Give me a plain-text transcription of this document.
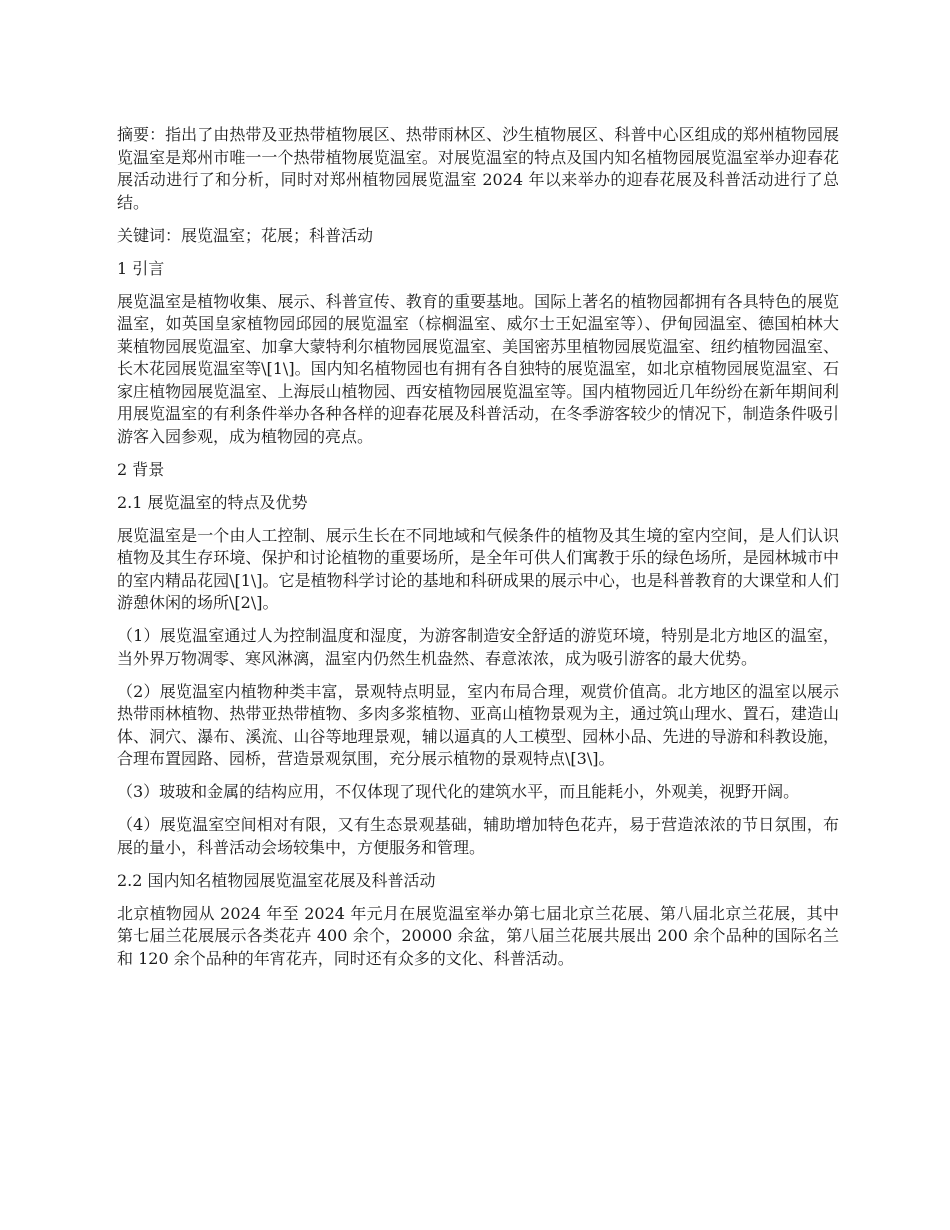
摘要：指出了由热带及亚热带植物展区、热带雨林区、沙生植物展区、科普中心区组成的郑州植物园展览温室是郑州市唯一一个热带植物展览温室。对展览温室的特点及国内知名植物园展览温室举办迎春花展活动进行了和分析，同时对郑州植物园展览温室 2024 年以来举办的迎春花展及科普活动进行了总结。

关键词：展览温室；花展；科普活动

1 引言

展览温室是植物收集、展示、科普宣传、教育的重要基地。国际上著名的植物园都拥有各具特色的展览温室，如英国皇家植物园邱园的展览温室（棕榈温室、威尔士王妃温室等）、伊甸园温室、德国柏林大莱植物园展览温室、加拿大蒙特利尔植物园展览温室、美国密苏里植物园展览温室、纽约植物园温室、长木花园展览温室等\[1\]。国内知名植物园也有拥有各自独特的展览温室，如北京植物园展览温室、石家庄植物园展览温室、上海辰山植物园、西安植物园展览温室等。国内植物园近几年纷纷在新年期间利用展览温室的有利条件举办各种各样的迎春花展及科普活动，在冬季游客较少的情况下，制造条件吸引游客入园参观，成为植物园的亮点。

2 背景

2.1 展览温室的特点及优势

展览温室是一个由人工控制、展示生长在不同地域和气候条件的植物及其生境的室内空间，是人们认识植物及其生存环境、保护和讨论植物的重要场所，是全年可供人们寓教于乐的绿色场所，是园林城市中的室内精品花园\[1\]。它是植物科学讨论的基地和科研成果的展示中心，也是科普教育的大课堂和人们游憩休闲的场所\[2\]。

（1）展览温室通过人为控制温度和湿度，为游客制造安全舒适的游览环境，特别是北方地区的温室，当外界万物凋零、寒风淋漓，温室内仍然生机盎然、春意浓浓，成为吸引游客的最大优势。

（2）展览温室内植物种类丰富，景观特点明显，室内布局合理，观赏价值高。北方地区的温室以展示热带雨林植物、热带亚热带植物、多肉多浆植物、亚高山植物景观为主，通过筑山理水、置石，建造山体、洞穴、瀑布、溪流、山谷等地理景观，辅以逼真的人工模型、园林小品、先进的导游和科教设施，合理布置园路、园桥，营造景观氛围，充分展示植物的景观特点\[3\]。

（3）玻玻和金属的结构应用，不仅体现了现代化的建筑水平，而且能耗小，外观美，视野开阔。

（4）展览温室空间相对有限，又有生态景观基础，辅助增加特色花卉，易于营造浓浓的节日氛围，布展的量小，科普活动会场较集中，方便服务和管理。

2.2 国内知名植物园展览温室花展及科普活动

北京植物园从 2024 年至 2024 年元月在展览温室举办第七届北京兰花展、第八届北京兰花展，其中第七届兰花展展示各类花卉 400 余个，20000 余盆，第八届兰花展共展出 200 余个品种的国际名兰和 120 余个品种的年宵花卉，同时还有众多的文化、科普活动。
